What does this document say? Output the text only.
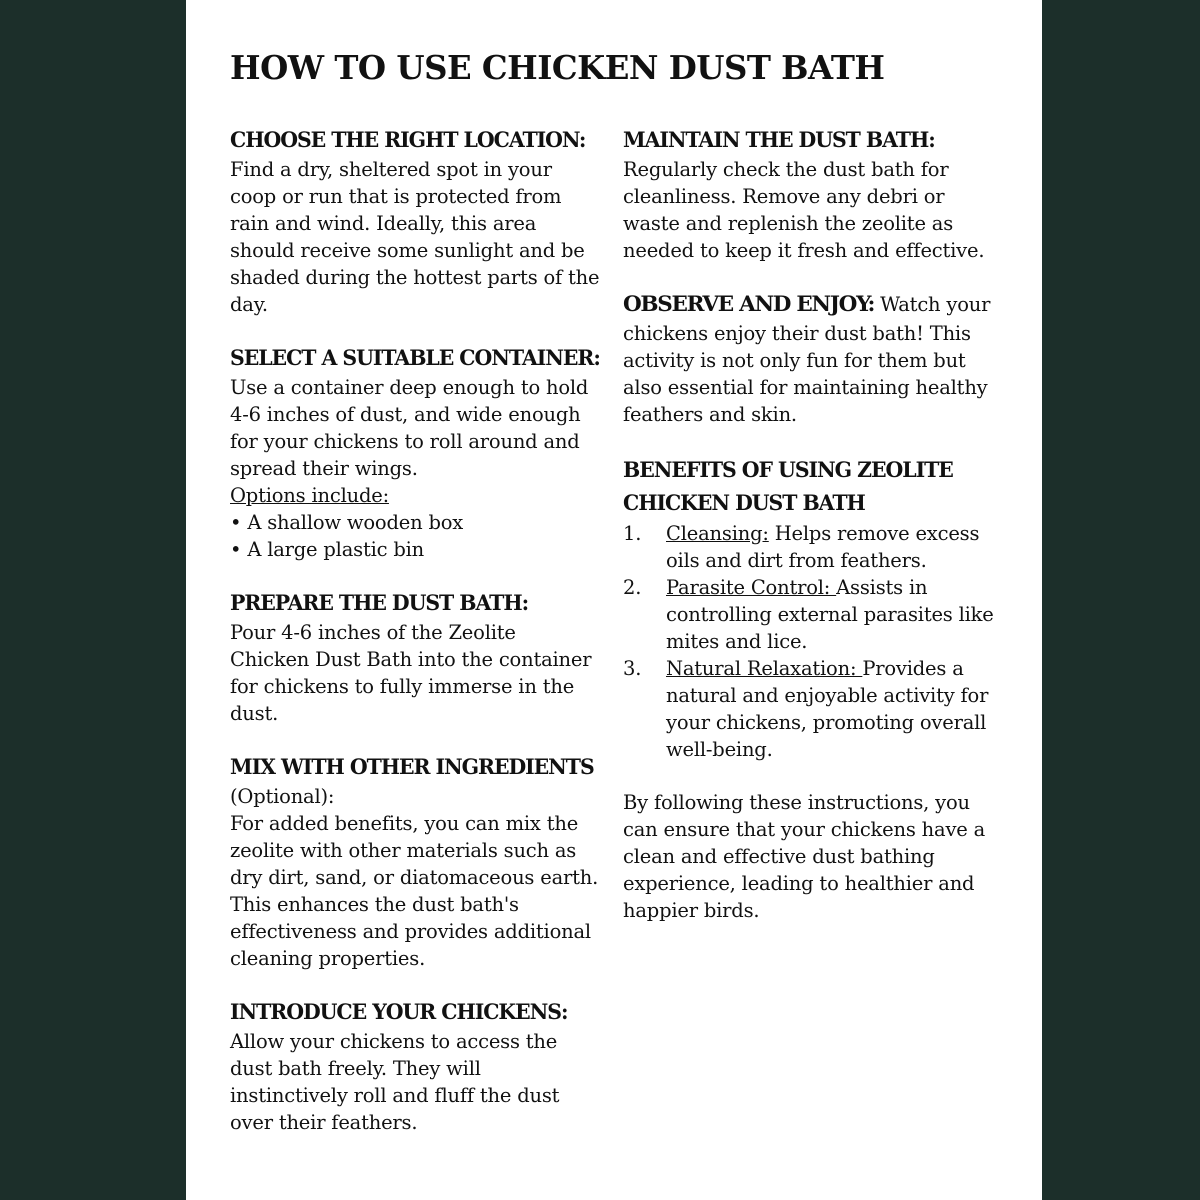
HOW TO USE CHICKEN DUST BATH
CHOOSE THE RIGHT LOCATION:

Find a dry, sheltered spot in your coop or run that is protected from rain and wind. Ideally, this area should receive some sunlight and be shaded during the hottest parts of the day.

SELECT A SUITABLE CONTAINER:

Use a container deep enough to hold 4-6 inches of dust, and wide enough for your chickens to roll around and spread their wings.

Options include:

• A shallow wooden box
• A large plastic bin
PREPARE THE DUST BATH:

Pour 4-6 inches of the Zeolite Chicken Dust Bath into the container for chickens to fully immerse in the dust.

MIX WITH OTHER INGREDIENTS

(Optional):

For added benefits, you can mix the zeolite with other materials such as dry dirt, sand, or diatomaceous earth. This enhances the dust bath's effectiveness and provides additional cleaning properties.

INTRODUCE YOUR CHICKENS:

Allow your chickens to access the dust bath freely. They will instinctively roll and fluff the dust over their feathers.

MAINTAIN THE DUST BATH:

Regularly check the dust bath for cleanliness. Remove any debri or waste and replenish the zeolite as needed to keep it fresh and effective.

OBSERVE AND ENJOY: Watch your chickens enjoy their dust bath! This activity is not only fun for them but also essential for maintaining healthy feathers and skin.
BENEFITS OF USING ZEOLITE
CHICKEN DUST BATH
1. Cleansing: Helps remove excess oils and dirt from feathers.
2. Parasite Control: Assists in controlling external parasites like mites and lice.
3. Natural Relaxation: Provides a natural and enjoyable activity for your chickens, promoting overall well-being.

By following these instructions, you can ensure that your chickens have a clean and effective dust bathing experience, leading to healthier and happier birds.
